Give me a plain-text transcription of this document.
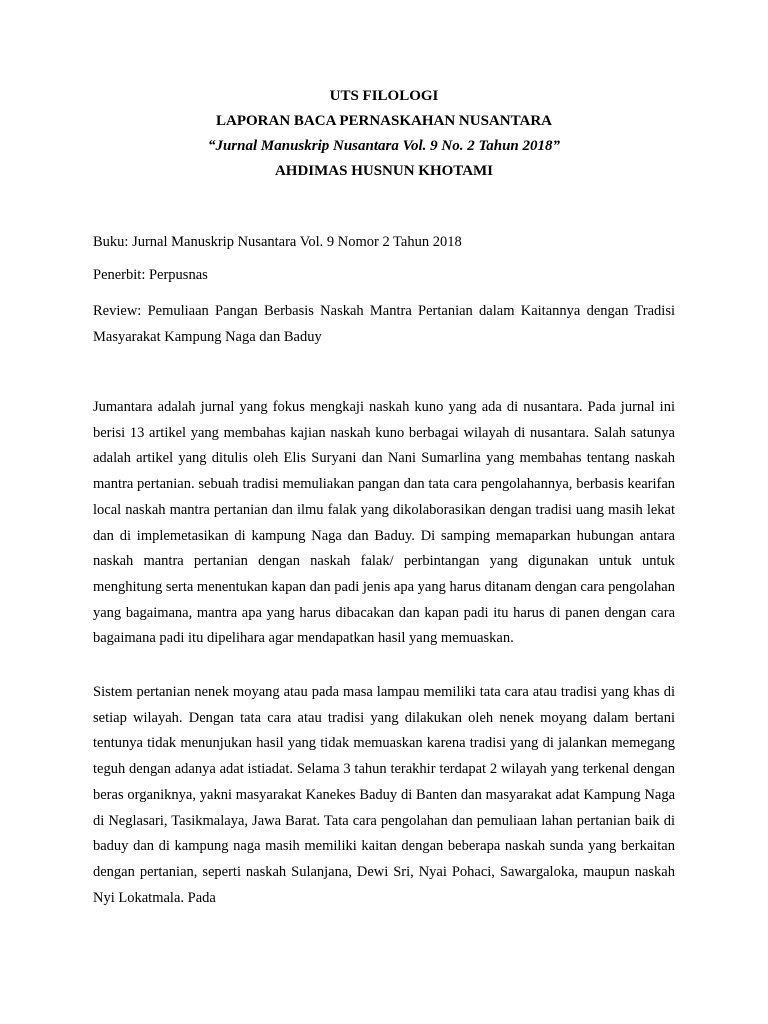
UTS FILOLOGI
LAPORAN BACA PERNASKAHAN NUSANTARA
“Jurnal Manuskrip Nusantara Vol. 9 No. 2 Tahun 2018”
AHDIMAS HUSNUN KHOTAMI
Buku: Jurnal Manuskrip Nusantara Vol. 9 Nomor 2 Tahun 2018
Penerbit: Perpusnas
Review: Pemuliaan Pangan Berbasis Naskah Mantra Pertanian dalam Kaitannya dengan Tradisi Masyarakat Kampung Naga dan Baduy
Jumantara adalah jurnal yang fokus mengkaji naskah kuno yang ada di nusantara. Pada jurnal ini berisi 13 artikel yang membahas kajian naskah kuno berbagai wilayah di nusantara. Salah satunya adalah artikel yang ditulis oleh Elis Suryani dan Nani Sumarlina yang membahas tentang naskah mantra pertanian. sebuah tradisi memuliakan pangan dan tata cara pengolahannya, berbasis kearifan local naskah mantra pertanian dan ilmu falak yang dikolaborasikan dengan tradisi uang masih lekat dan di implemetasikan di kampung Naga dan Baduy. Di samping memaparkan hubungan antara naskah mantra pertanian dengan naskah falak/ perbintangan yang digunakan untuk untuk menghitung serta menentukan kapan dan padi jenis apa yang harus ditanam dengan cara pengolahan yang bagaimana, mantra apa yang harus dibacakan dan kapan padi itu harus di panen dengan cara bagaimana padi itu dipelihara agar mendapatkan hasil yang memuaskan.
Sistem pertanian nenek moyang atau pada masa lampau memiliki tata cara atau tradisi yang khas di setiap wilayah. Dengan tata cara atau tradisi yang dilakukan oleh nenek moyang dalam bertani tentunya tidak menunjukan hasil yang tidak memuaskan karena tradisi yang di jalankan memegang teguh dengan adanya adat istiadat. Selama 3 tahun terakhir terdapat 2 wilayah yang terkenal dengan beras organiknya, yakni masyarakat Kanekes Baduy di Banten dan masyarakat adat Kampung Naga di Neglasari, Tasikmalaya, Jawa Barat. Tata cara pengolahan dan pemuliaan lahan pertanian baik di baduy dan di kampung naga masih memiliki kaitan dengan beberapa naskah sunda yang berkaitan dengan pertanian, seperti naskah Sulanjana, Dewi Sri, Nyai Pohaci, Sawargaloka, maupun naskah Nyi Lokatmala. Pada
